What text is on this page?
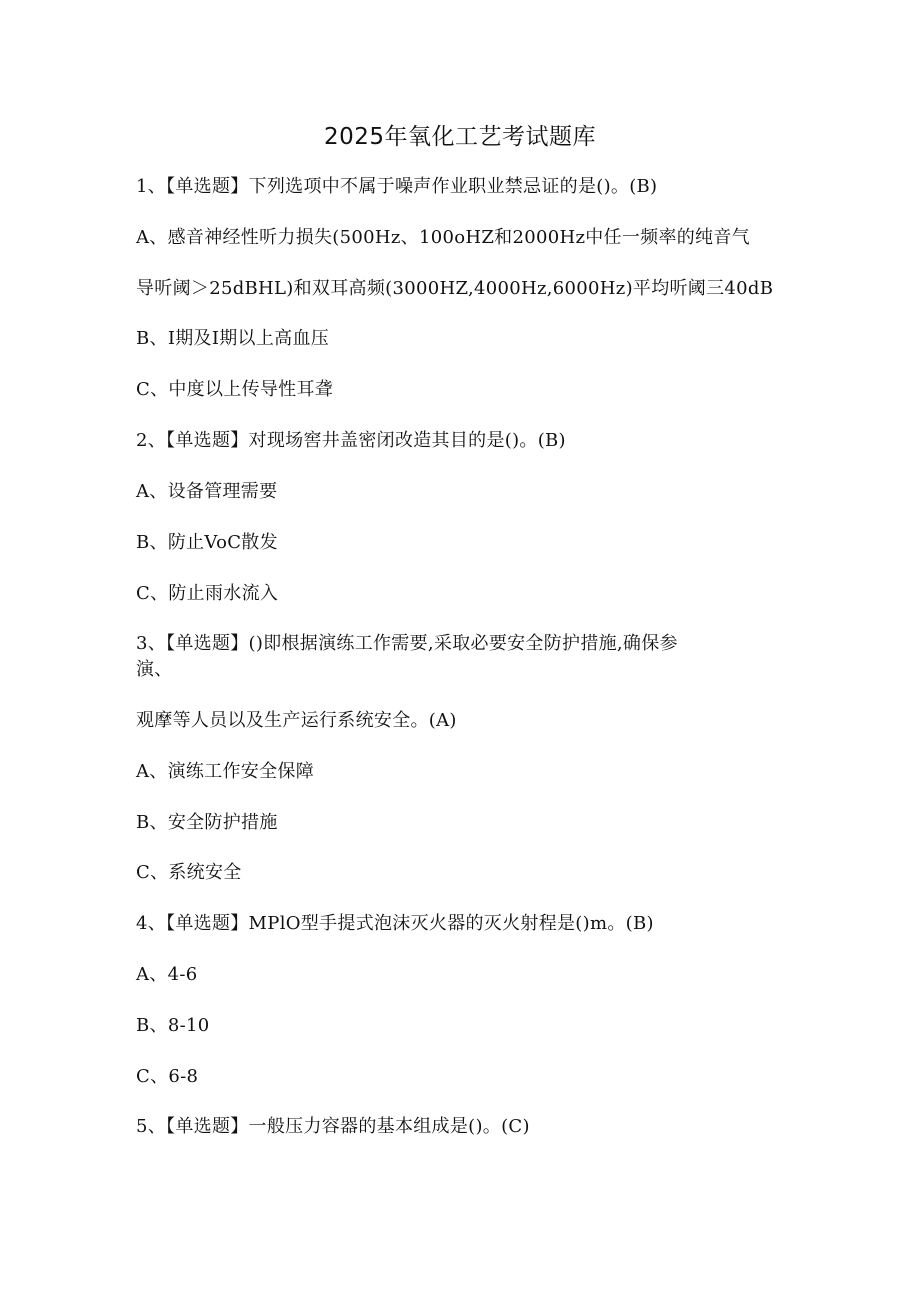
2025年氧化工艺考试题库
1、【单选题】下列选项中不属于噪声作业职业禁忌证的是()。(B)
A、感音神经性听力损失(500Hz、100oHZ和2000Hz中任一频率的纯音气
导听阈＞25dBHL)和双耳高频(3000HZ,4000Hz,6000Hz)平均听阈三40dB
B、I期及I期以上高血压
C、中度以上传导性耳聋
2、【单选题】对现场窖井盖密闭改造其目的是()。(B)
A、设备管理需要
B、防止VoC散发
C、防止雨水流入
3、【单选题】()即根据演练工作需要,采取必要安全防护措施,确保参
演、
观摩等人员以及生产运行系统安全。(A)
A、演练工作安全保障
B、安全防护措施
C、系统安全
4、【单选题】MPlO型手提式泡沫灭火器的灭火射程是()m。(B)
A、4-6
B、8-10
C、6-8
5、【单选题】一般压力容器的基本组成是()。(C)
